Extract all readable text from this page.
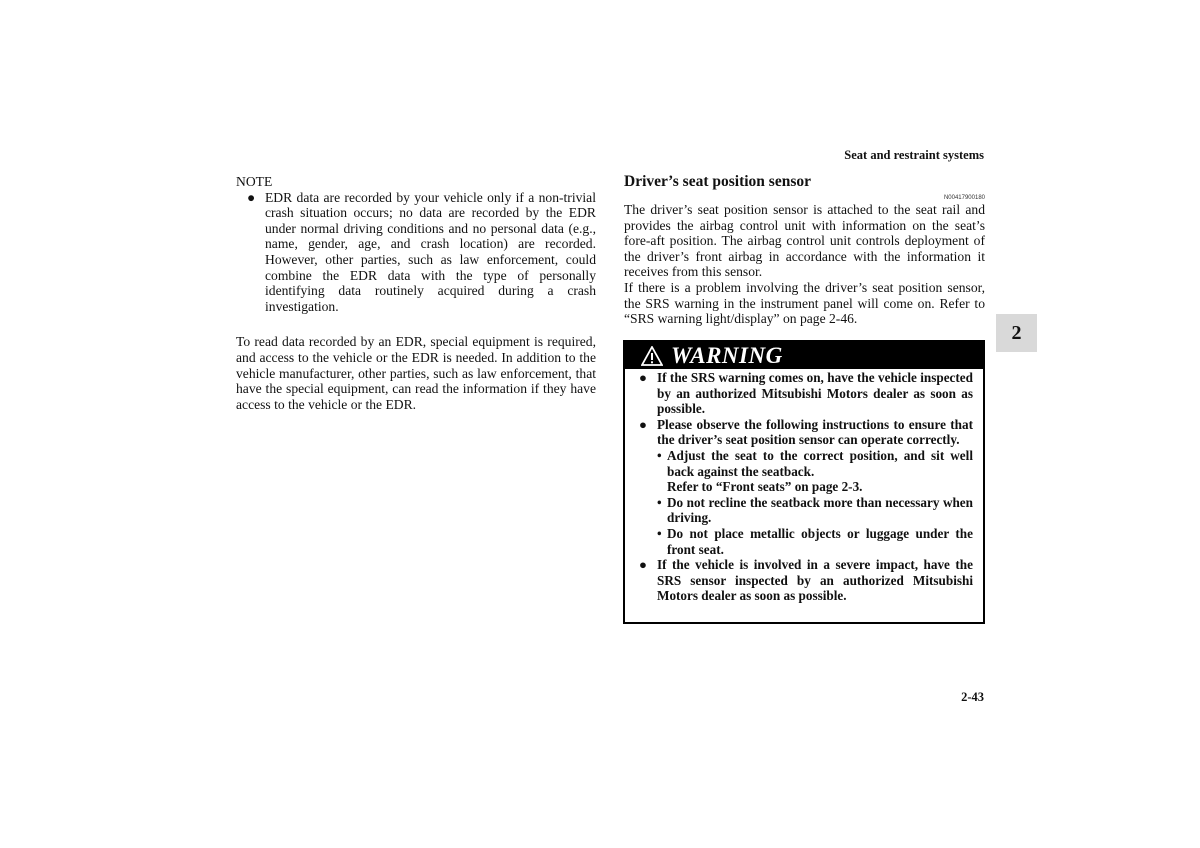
Seat and restraint systems
2
NOTE
● EDR data are recorded by your vehicle only if a non-trivial crash situation occurs; no data are recorded by the EDR under normal driving conditions and no personal data (e.g., name, gender, age, and crash location) are recorded. However, other parties, such as law enforcement, could combine the EDR data with the type of personally identifying data routinely acquired during a crash investigation.
To read data recorded by an EDR, special equipment is required, and access to the vehicle or the EDR is needed. In addition to the vehicle manufacturer, other parties, such as law enforcement, that have the special equipment, can read the information if they have access to the vehicle or the EDR.
Driver’s seat position sensor
N00417900180
The driver’s seat position sensor is attached to the seat rail and provides the airbag control unit with information on the seat’s fore-aft position. The airbag control unit controls deployment of the driver’s front airbag in accordance with the information it receives from this sensor.
If there is a problem involving the driver’s seat position sensor, the SRS warning in the instrument panel will come on. Refer to “SRS warning light/display” on page 2-46.
WARNING
● If the SRS warning comes on, have the vehicle inspected by an authorized Mitsubishi Motors dealer as soon as possible.
● Please observe the following instructions to ensure that the driver’s seat position sensor can operate correctly.
• Adjust the seat to the correct position, and sit well back against the seatback.
Refer to “Front seats” on page 2-3.
• Do not recline the seatback more than necessary when driving.
• Do not place metallic objects or luggage under the front seat.
● If the vehicle is involved in a severe impact, have the SRS sensor inspected by an authorized Mitsubishi Motors dealer as soon as possible.
2-43
